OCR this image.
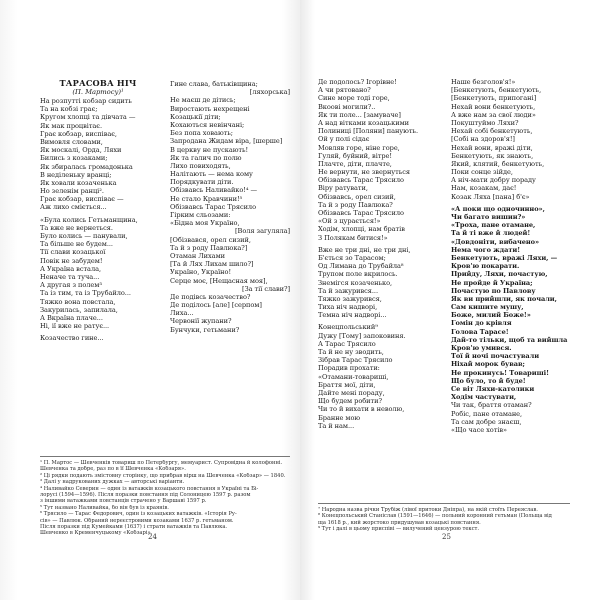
ТАРАСОВА НІЧ
(П. Мартосу)¹
На розпутті кобзар сидить
Та на кобзі грає;
Кругом хлопці та дівчата —
Як мак процвітає.
Грає кобзар, виспіває,
Вимовля словами,
Як москалі, Орда, Ляхи
Бились з козаками;
Як збиралась громадонька
В неділеньку вранці;
Як ховали козаченька
Но зеленім ранці².
Грає кобзар, виспіває —
Аж лихо сміється...
«Була колись Гетьманщина,
Та вже не вернеться.
Було колись — панували,
Та більше не будем...
Тії слави козацької
Повік не забудем!
А Україна встала,
Неначе та туча...
А другая з полем³
Та із тим, та із Трубайло...
Тяжко вона повстала,
Закурилась, запилала,
А Вкраїна плаче...
Ні, ії вже не ратує...
Козачество гине...
Гине слава, батьківщина;
[ляхорська]
Не маєш де дітись;
Виростають нехрещені
Козацькії діти;
Кохаються невінчані;
Без попа ховають;
Запродана Жидам віра, [шерше]
В церкву не пускають!
Як та галич по полю
Лихо повиходять,
Налітають — нема кому
Порядкувати діти.
Обізвавсь Наливайко!⁴ —
Не стало Кравчини!⁵
Обізвавсь Тарас Трясило
Гірким сльозами:
«Бідна моя Україно,
[Воля загуляла]
[Обізвався, орел сизий,
Та й з роду Павлюка?]
Отаман Лихами
[Та й Лях Лихам шило?]
Україно, Україно!
Серце моє, [Нещасная моя],
[За тії слави?]
Де подівсь козачество?
Де поділось [але] [серпом]
Лиха...
Червонії жупани?
Бунчуки, гетьмани?
¹ П. Мартос — Шевченків товариш по Петербургу, мемуарист. Супровідна й колофонні.
Шевченка та добре, раз по в її Шевченка «Кобзаря».
² Ці рядки подають змістовну сторінку, що прибрав вірш на Шевченка «Кобзар» — 1840.
³ Далі у надрукованих дужках — авторські варіанти.
⁴ Наливайко Северин — один із ватажків козацького повстання в Україні та Бі-
лорусі (1594—1596). Після поразки повстання під Солоницею 1597 р. разом
з іншими ватажками повстанців страчено у Варшаві 1597 р.
⁵ Тут названо Наливайка, бо він був із краянів.
⁶ Трясило — Тарас Федорович, один із козацьких ватажків. «Історія Ру-
сів» — Павлюк. Обраний нереєстровими козаками 1637 р. гетьманом.
Після поразки під Кумейками (1637) і страти ватажків та Павлюка.
Шевченко в Кременчуцькому «Кобзарі».
24
Де подолось? Ігорівне!
А чи рятовано?
Сине море тоді горе,
Вкоові могили?..
Як ти поле... [замуваче]
А над вітками козацькими
Полиниці [Поляни] панують.
Ой у полі сідає
Мовляв горе, ніне горе,
Гуляй, буйний, вітре!
Плачте, діти, плачте,
Не вернути, не звернуться
Обізвавсь Тарас Трясило
Віру ратувати,
Обізвавсь, орел сизий,
Та й з роду Павлюка?
Обізвавсь Тарас Трясило
«Ой з цурається!»
Ходім, хлопці, нам братів
З Полякам битися!»
Вже не три дні, не три дні,
Б'ється зо Тарасом;
Од Лимана до Трубайла⁸
Трупом поле вкрилось.
Знемігся козаченько,
Та й зажурився...
Тяжко зажурився,
Тиха ніч надворі,
Темна ніч надворі...
Конецпольський⁹
Дужу [Тому] запоковиня.
А Тарас Трясило
Та й не ну зводить,
Зібрав Тарас Трясило
Порадив прохати:
«Отамани-товариші,
Браття мої, діти,
Дайте мені пораду,
Що будем робити?
Чи то й вихати в неволю,
Бранне мою
Та й нам...
Наше безголов'я!»
[Бенкетують, бенкетують,
[Бенкетують, припогані]
Нехай вони бенкетують,
А вже нам за свої люди»
Покуштуймо Ляхи?
Нехай собі бенкетують,
[Собі на здоров'я!]
Нехай вони, вражі діти,
Бенкетують, як знають,
Який, клятий, бенкетують,
Поки сонце зійде,
А ніч-мати добру пораду
Нам, козакам, дає!
Козак Ляха [пана] б'є»
«А поки що одночинно»,
Чи багато вишин?»
«Троха, пане отамане,
Та й ті вже й людей!
«Довдоніти, вибачено»
Нема чого ждати!
Бенкетують, вражі Ляхи, —
Кров'ю покарати.
Прийду, Ляхи, почастую,
Не пройде й Україна;
Почастую по Павлову
Як ви прийшли, як почали,
Сам кишите мушу,
Боже, милий Боже!»
Гомін до крівля
Голова Тарасе!
Дай-то тільки, щоб та вийшла
Кров'ю умився.
Тої й ночі почастували
Ніхай морок бував;
Не прокинусь! Товариші!
Що було, то й буде!
Се віт Ляхи-католики
Ходім частувати,
Чи так, браття отаман?
Робіс, пане отамане,
Та сам добре знаєш,
«Що часе хотів»
⁷ Народна назва річки Трубіж (лівої притоки Дніпра), на якій стоїть Переяслав.
⁸ Конецпольський Станіслав (1591—1646) — польний коронний гетьман (Польща від
ща 1618 р., кий жорстоко придушував козацькі повстання.
⁹ Тут і далі в цьому приспіві — вилучений цензурою текст.
25
